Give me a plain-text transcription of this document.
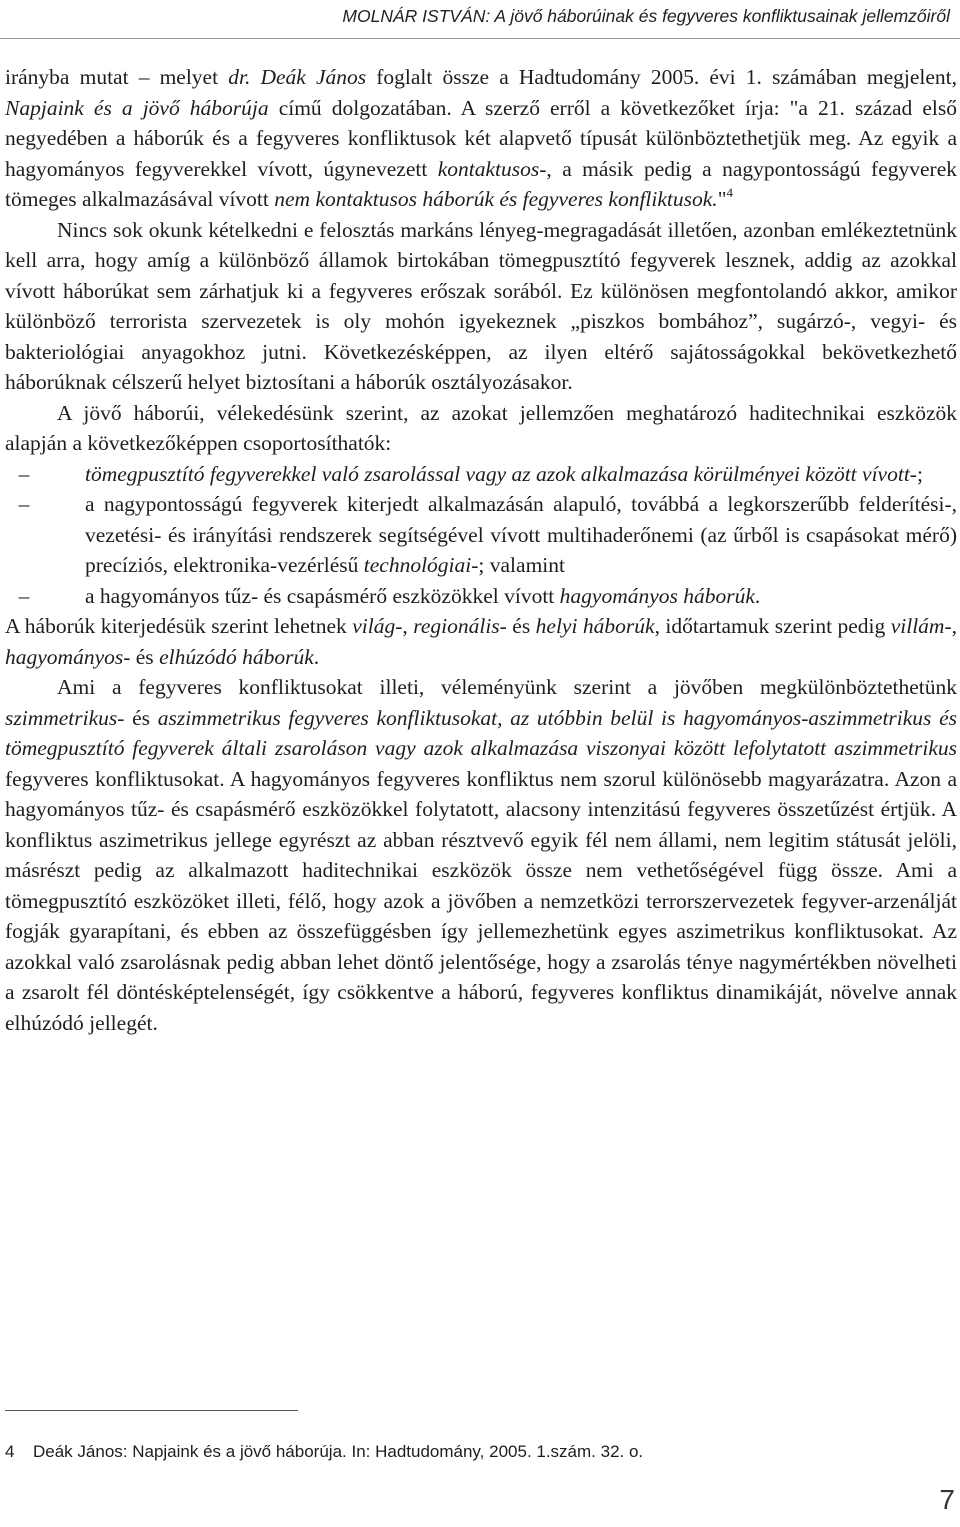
MOLNÁR ISTVÁN: A jövő háborúinak és fegyveres konfliktusainak jellemzőiről

irányba mutat – melyet dr. Deák János foglalt össze a Hadtudomány 2005. évi 1. számában megjelent, Napjaink és a jövő háborúja című dolgozatában. A szerző erről a következőket írja: "a 21. század első negyedében a háborúk és a fegyveres konfliktusok két alapvető típusát különböztethetjük meg. Az egyik a hagyományos fegyverekkel vívott, úgynevezett kontaktusos-, a másik pedig a nagypontosságú fegyverek tömeges alkalmazásával vívott nem kontaktusos háborúk és fegyveres konfliktusok."$^4$

Nincs sok okunk kételkedni e felosztás markáns lényeg-megragadását illetően, azonban emlékeztetnünk kell arra, hogy amíg a különböző államok birtokában tömegpusztító fegyverek lesznek, addig az azokkal vívott háborúkat sem zárhatjuk ki a fegyveres erőszak sorából. Ez különösen megfontolandó akkor, amikor különböző terrorista szervezetek is oly mohón igyekeznek „piszkos bombához”, sugárzó-, vegyi- és bakteriológiai anyagokhoz jutni. Következésképpen, az ilyen eltérő sajátosságokkal bekövetkezhető háborúknak célszerű helyet biztosítani a háborúk osztályozásakor.

A jövő háborúi, vélekedésünk szerint, az azokat jellemzően meghatározó haditechnikai eszközök alapján a következőképpen csoportosíthatók:

–	tömegpusztító fegyverekkel való zsarolással vagy az azok alkalmazása körülményei között vívott-;

–	a nagypontosságú fegyverek kiterjedt alkalmazásán alapuló, továbbá a legkorszerűbb felderítési-, vezetési- és irányítási rendszerek segítségével vívott multihaderőnemi (az űrből is csapásokat mérő) precíziós, elektronika-vezérlésű technológiai-; valamint

–	a hagyományos tűz- és csapásmérő eszközökkel vívott hagyományos háborúk.

A háborúk kiterjedésük szerint lehetnek világ-, regionális- és helyi háborúk, időtartamuk szerint pedig villám-, hagyományos- és elhúzódó háborúk.

Ami a fegyveres konfliktusokat illeti, véleményünk szerint a jövőben megkülönböztethetünk szimmetrikus- és aszimmetrikus fegyveres konfliktusokat, az utóbbin belül is hagyományos-aszimmetrikus és tömegpusztító fegyverek általi zsaroláson vagy azok alkalmazása viszonyai között lefolytatott aszimmetrikus fegyveres konfliktusokat. A hagyományos fegyveres konfliktus nem szorul különösebb magyarázatra. Azon a hagyományos tűz- és csapásmérő eszközökkel folytatott, alacsony intenzitású fegyveres összetűzést értjük. A konfliktus aszimetrikus jellege egyrészt az abban résztvevő egyik fél nem állami, nem legitim státusát jelöli, másrészt pedig az alkalmazott haditechnikai eszközök össze nem vethetőségével függ össze. Ami a tömegpusztító eszközöket illeti, félő, hogy azok a jövőben a nemzetközi terrorszervezetek fegyver-arzenálját fogják gyarapítani, és ebben az összefüggésben így jellemezhetünk egyes aszimetrikus konfliktusokat. Az azokkal való zsarolásnak pedig abban lehet döntő jelentősége, hogy a zsarolás ténye nagymértékben növelheti a zsarolt fél döntésképtelenségét, így csökkentve a háború, fegyveres konfliktus dinamikáját, növelve annak elhúzódó jellegét.

4 Deák János: Napjaink és a jövő háborúja. In: Hadtudomány, 2005. 1.szám. 32. o.
7
